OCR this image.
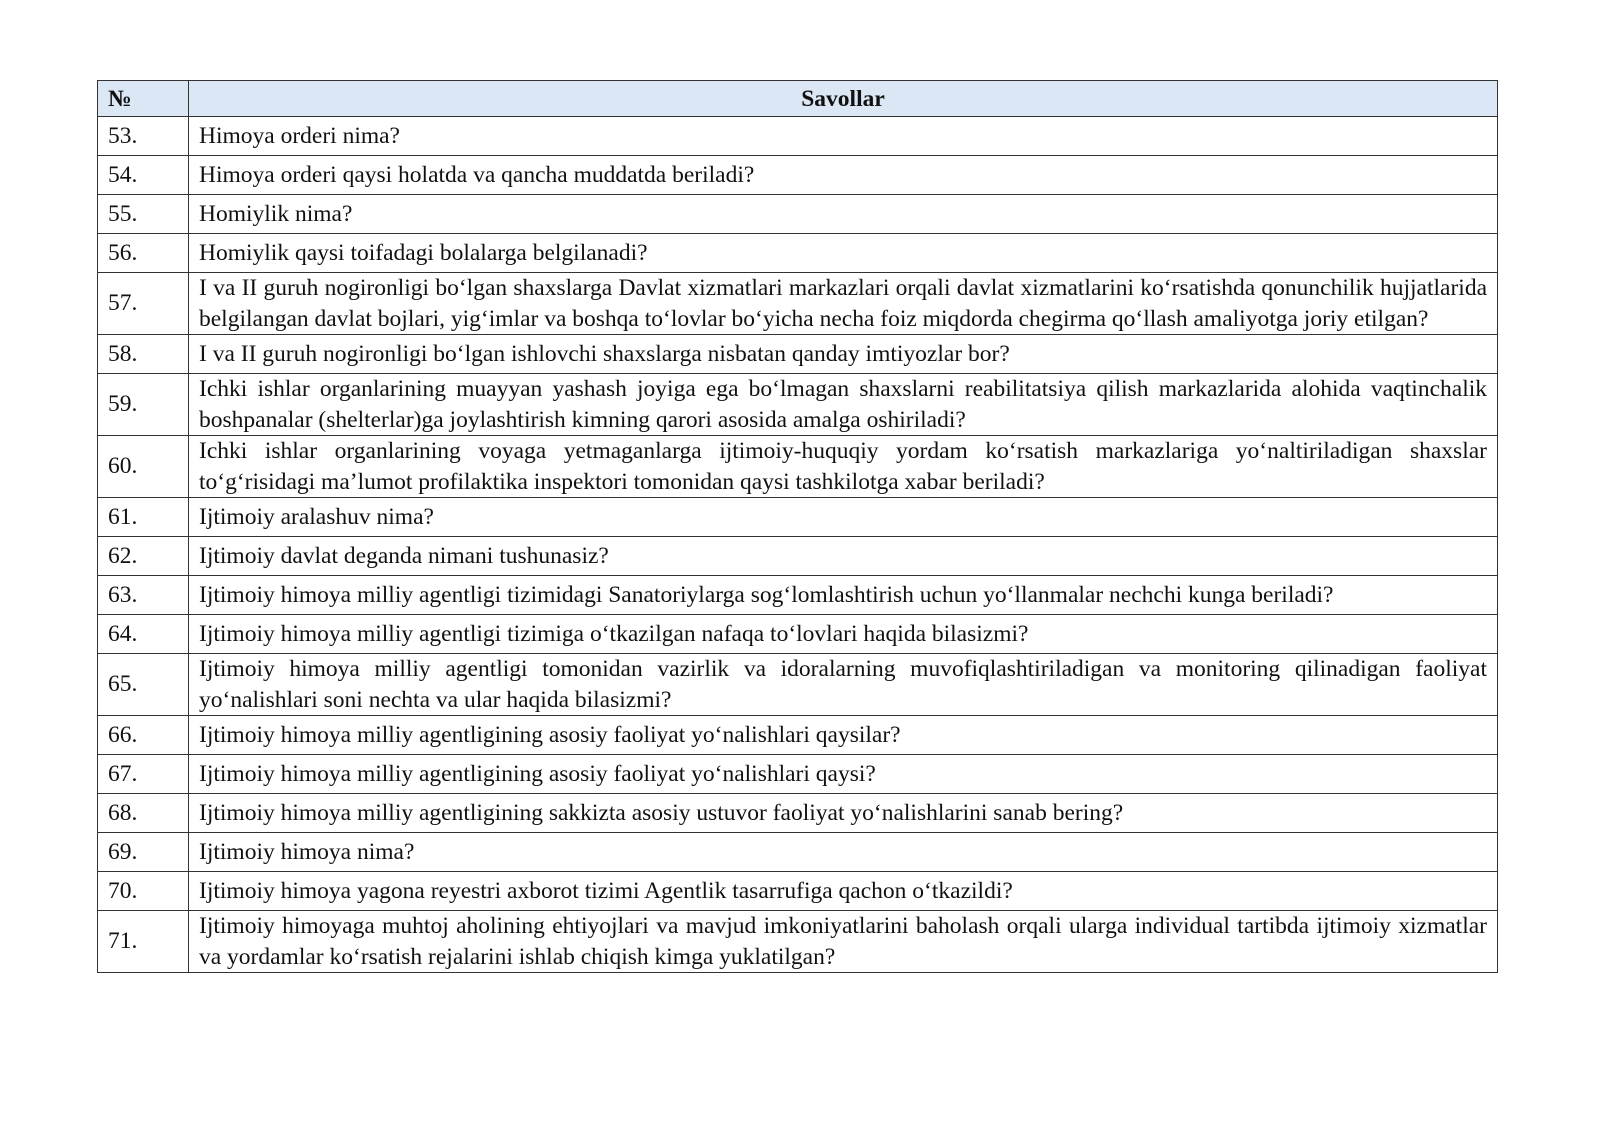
№	Savollar
53.	Himoya orderi nima?
54.	Himoya orderi qaysi holatda va qancha muddatda beriladi?
55.	Homiylik nima?
56.	Homiylik qaysi toifadagi bolalarga belgilanadi?
57.	I va II guruh nogironligi boʻlgan shaxslarga Davlat xizmatlari markazlari orqali davlat xizmatlarini koʻrsatishda qonunchilik hujjatlarida belgilangan davlat bojlari, yigʻimlar va boshqa toʻlovlar boʻyicha necha foiz miqdorda chegirma qoʻllash amaliyotga joriy etilgan?
58.	I va II guruh nogironligi boʻlgan ishlovchi shaxslarga nisbatan qanday imtiyozlar bor?
59.	Ichki ishlar organlarining muayyan yashash joyiga ega boʻlmagan shaxslarni reabilitatsiya qilish markazlarida alohida vaqtinchalik boshpanalar (shelterlar)ga joylashtirish kimning qarori asosida amalga oshiriladi?
60.	Ichki ishlar organlarining voyaga yetmaganlarga ijtimoiy-huquqiy yordam koʻrsatish markazlariga yoʻnaltiriladigan shaxslar toʻgʻrisidagi maʼlumot profilaktika inspektori tomonidan qaysi tashkilotga xabar beriladi?
61.	Ijtimoiy aralashuv nima?
62.	Ijtimoiy davlat deganda nimani tushunasiz?
63.	Ijtimoiy himoya milliy agentligi tizimidagi Sanatoriylarga sogʻlomlashtirish uchun yoʻllanmalar nechchi kunga beriladi?
64.	Ijtimoiy himoya milliy agentligi tizimiga oʻtkazilgan nafaqa toʻlovlari haqida bilasizmi?
65.	Ijtimoiy himoya milliy agentligi tomonidan vazirlik va idoralarning muvofiqlashtiriladigan va monitoring qilinadigan faoliyat yoʻnalishlari soni nechta va ular haqida bilasizmi?
66.	Ijtimoiy himoya milliy agentligining asosiy faoliyat yoʻnalishlari qaysilar?
67.	Ijtimoiy himoya milliy agentligining asosiy faoliyat yoʻnalishlari qaysi?
68.	Ijtimoiy himoya milliy agentligining sakkizta asosiy ustuvor faoliyat yoʻnalishlarini sanab bering?
69.	Ijtimoiy himoya nima?
70.	Ijtimoiy himoya yagona reyestri axborot tizimi Agentlik tasarrufiga qachon oʻtkazildi?
71.	Ijtimoiy himoyaga muhtoj aholining ehtiyojlari va mavjud imkoniyatlarini baholash orqali ularga individual tartibda ijtimoiy xizmatlar va yordamlar koʻrsatish rejalarini ishlab chiqish kimga yuklatilgan?
